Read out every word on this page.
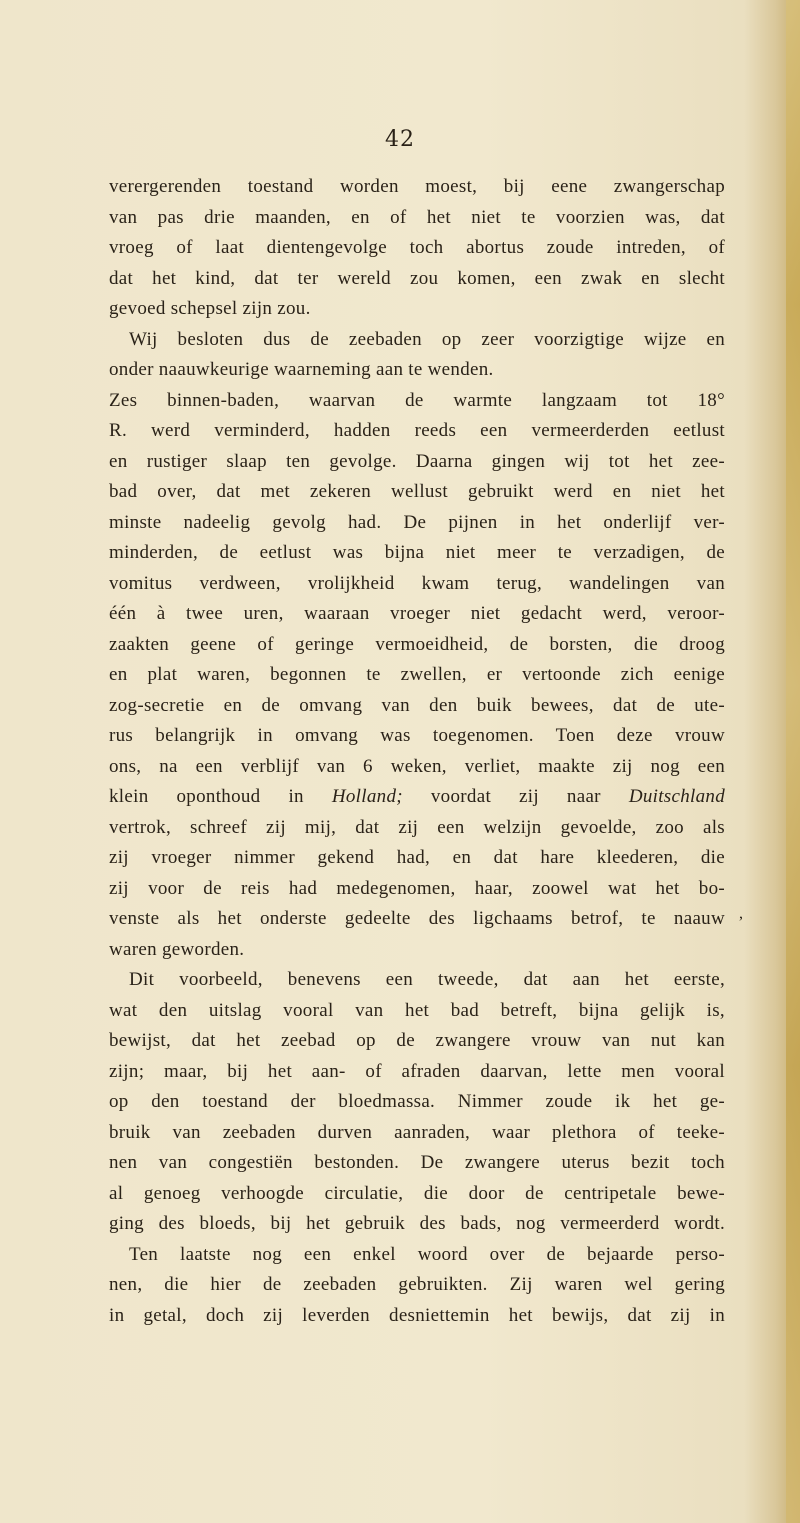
42
verergerenden toestand worden moest, bij eene zwangerschap
van pas drie maanden, en of het niet te voorzien was, dat
vroeg of laat dientengevolge toch abortus zoude intreden, of
dat het kind, dat ter wereld zou komen, een zwak en slecht
gevoed schepsel zijn zou.
Wij besloten dus de zeebaden op zeer voorzigtige wijze en
onder naauwkeurige waarneming aan te wenden.
Zes binnen-baden, waarvan de warmte langzaam tot 18°
R. werd verminderd, hadden reeds een vermeerderden eetlust
en rustiger slaap ten gevolge. Daarna gingen wij tot het zee-
bad over, dat met zekeren wellust gebruikt werd en niet het
minste nadeelig gevolg had. De pijnen in het onderlijf ver-
minderden, de eetlust was bijna niet meer te verzadigen, de
vomitus verdween, vrolijkheid kwam terug, wandelingen van
één à twee uren, waaraan vroeger niet gedacht werd, veroor-
zaakten geene of geringe vermoeidheid, de borsten, die droog
en plat waren, begonnen te zwellen, er vertoonde zich eenige
zog-secretie en de omvang van den buik bewees, dat de ute-
rus belangrijk in omvang was toegenomen. Toen deze vrouw
ons, na een verblijf van 6 weken, verliet, maakte zij nog een
klein oponthoud in Holland; voordat zij naar Duitschland
vertrok, schreef zij mij, dat zij een welzijn gevoelde, zoo als
zij vroeger nimmer gekend had, en dat hare kleederen, die
zij voor de reis had medegenomen, haar, zoowel wat het bo-
venste als het onderste gedeelte des ligchaams betrof, te naauw
waren geworden.
Dit voorbeeld, benevens een tweede, dat aan het eerste,
wat den uitslag vooral van het bad betreft, bijna gelijk is,
bewijst, dat het zeebad op de zwangere vrouw van nut kan
zijn; maar, bij het aan- of afraden daarvan, lette men vooral
op den toestand der bloedmassa. Nimmer zoude ik het ge-
bruik van zeebaden durven aanraden, waar plethora of teeke-
nen van congestiën bestonden. De zwangere uterus bezit toch
al genoeg verhoogde circulatie, die door de centripetale bewe-
ging des bloeds, bij het gebruik des bads, nog vermeerderd wordt.
Ten laatste nog een enkel woord over de bejaarde perso-
nen, die hier de zeebaden gebruikten. Zij waren wel gering
in getal, doch zij leverden desniettemin het bewijs, dat zij in
,
